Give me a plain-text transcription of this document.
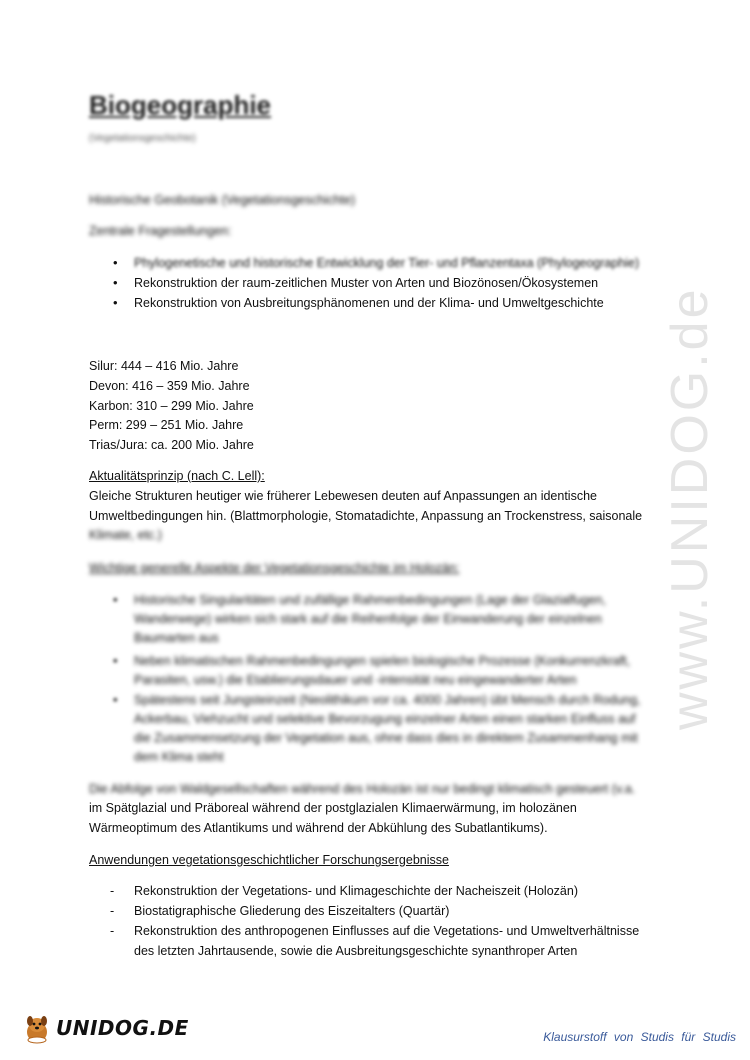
www.UNIDOG.de
Biogeographie
(Vegetationsgeschichte)
Historische Geobotanik (Vegetationsgeschichte)
Zentrale Fragestellungen:
• Phylogenetische und historische Entwicklung der Tier- und Pflanzentaxa (Phylogeographie)
• Rekonstruktion der raum-zeitlichen Muster von Arten und Biozönosen/Ökosystemen
• Rekonstruktion von Ausbreitungsphänomenen und der Klima- und Umweltgeschichte
Silur: 444 – 416 Mio. Jahre
Devon: 416 – 359 Mio. Jahre
Karbon: 310 – 299 Mio. Jahre
Perm: 299 – 251 Mio. Jahre
Trias/Jura: ca. 200 Mio. Jahre
Aktualitätsprinzip (nach C. Lell):
Gleiche Strukturen heutiger wie früherer Lebewesen deuten auf Anpassungen an identische
Umweltbedingungen hin. (Blattmorphologie, Stomatadichte, Anpassung an Trockenstress, saisonale
Klimate, etc.)
Wichtige generelle Aspekte der Vegetationsgeschichte im Holozän:
• Historische Singularitäten und zufällige Rahmenbedingungen (Lage der Glazialfugen,
Wanderwege) wirken sich stark auf die Reihenfolge der Einwanderung der einzelnen
Baumarten aus
• Neben klimatischen Rahmenbedingungen spielen biologische Prozesse (Konkurrenzkraft,
Parasiten, usw.) die Etablierungsdauer und -intensität neu eingewanderter Arten
• Spätestens seit Jungsteinzeit (Neolithikum vor ca. 4000 Jahren) übt Mensch durch Rodung,
Ackerbau, Viehzucht und selektive Bevorzugung einzelner Arten einen starken Einfluss auf
die Zusammensetzung der Vegetation aus, ohne dass dies in direktem Zusammenhang mit
dem Klima steht
Die Abfolge von Waldgesellschaften während des Holozän ist nur bedingt klimatisch gesteuert (v.a.
im Spätglazial und Präboreal während der postglazialen Klimaerwärmung, im holozänen
Wärmeoptimum des Atlantikums und während der Abkühlung des Subatlantikums).
Anwendungen vegetationsgeschichtlicher Forschungsergebnisse
- Rekonstruktion der Vegetations- und Klimageschichte der Nacheiszeit (Holozän)
- Biostatigraphische Gliederung des Eiszeitalters (Quartär)
- Rekonstruktion des anthropogenen Einflusses auf die Vegetations- und Umweltverhältnisse
des letzten Jahrtausende, sowie die Ausbreitungsgeschichte synanthroper Arten
UNIDOG.DE	Klausurstoff von Studis für Studis
